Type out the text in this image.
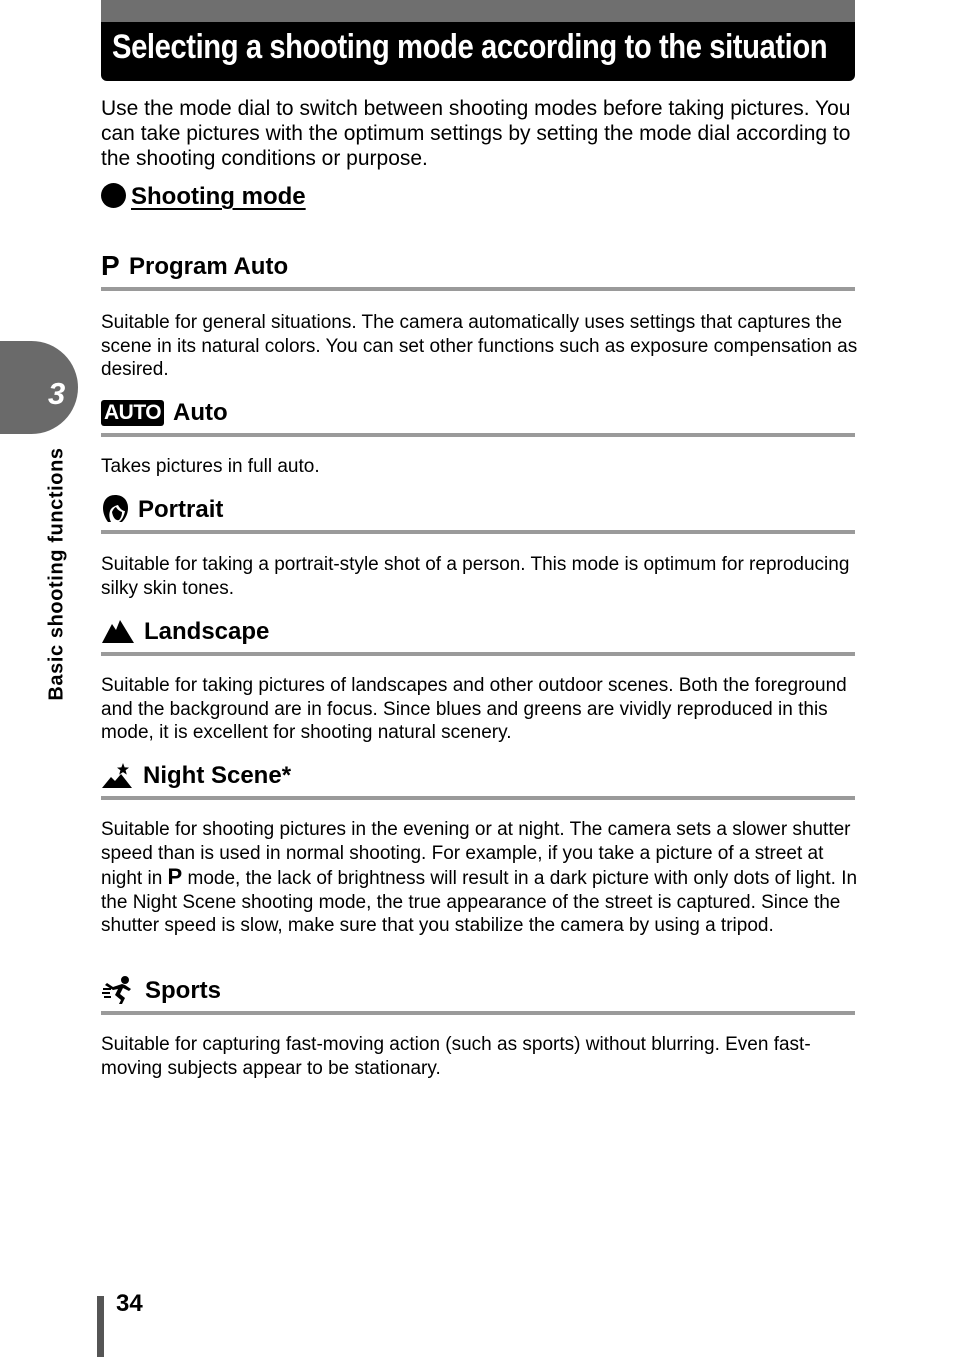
Selecting a shooting mode according to the situation

Use the mode dial to switch between shooting modes before taking pictures. You can take pictures with the optimum settings by setting the mode dial according to the shooting conditions or purpose.

Shooting mode
P Program Auto

Suitable for general situations. The camera automatically uses settings that captures the scene in its natural colors. You can set other functions such as exposure compensation as desired.

AUTO Auto

Takes pictures in full auto.

Portrait

Suitable for taking a portrait-style shot of a person. This mode is optimum for reproducing silky skin tones.

Landscape

Suitable for taking pictures of landscapes and other outdoor scenes. Both the foreground and the background are in focus. Since blues and greens are vividly reproduced in this mode, it is excellent for shooting natural scenery.

Night Scene*

Suitable for shooting pictures in the evening or at night. The camera sets a slower shutter speed than is used in normal shooting. For example, if you take a picture of a street at night in P mode, the lack of brightness will result in a dark picture with only dots of light. In the Night Scene shooting mode, the true appearance of the street is captured. Since the shutter speed is slow, make sure that you stabilize the camera by using a tripod.

Sports

Suitable for capturing fast-moving action (such as sports) without blurring. Even fast-moving subjects appear to be stationary.

3
Basic shooting functions
34
